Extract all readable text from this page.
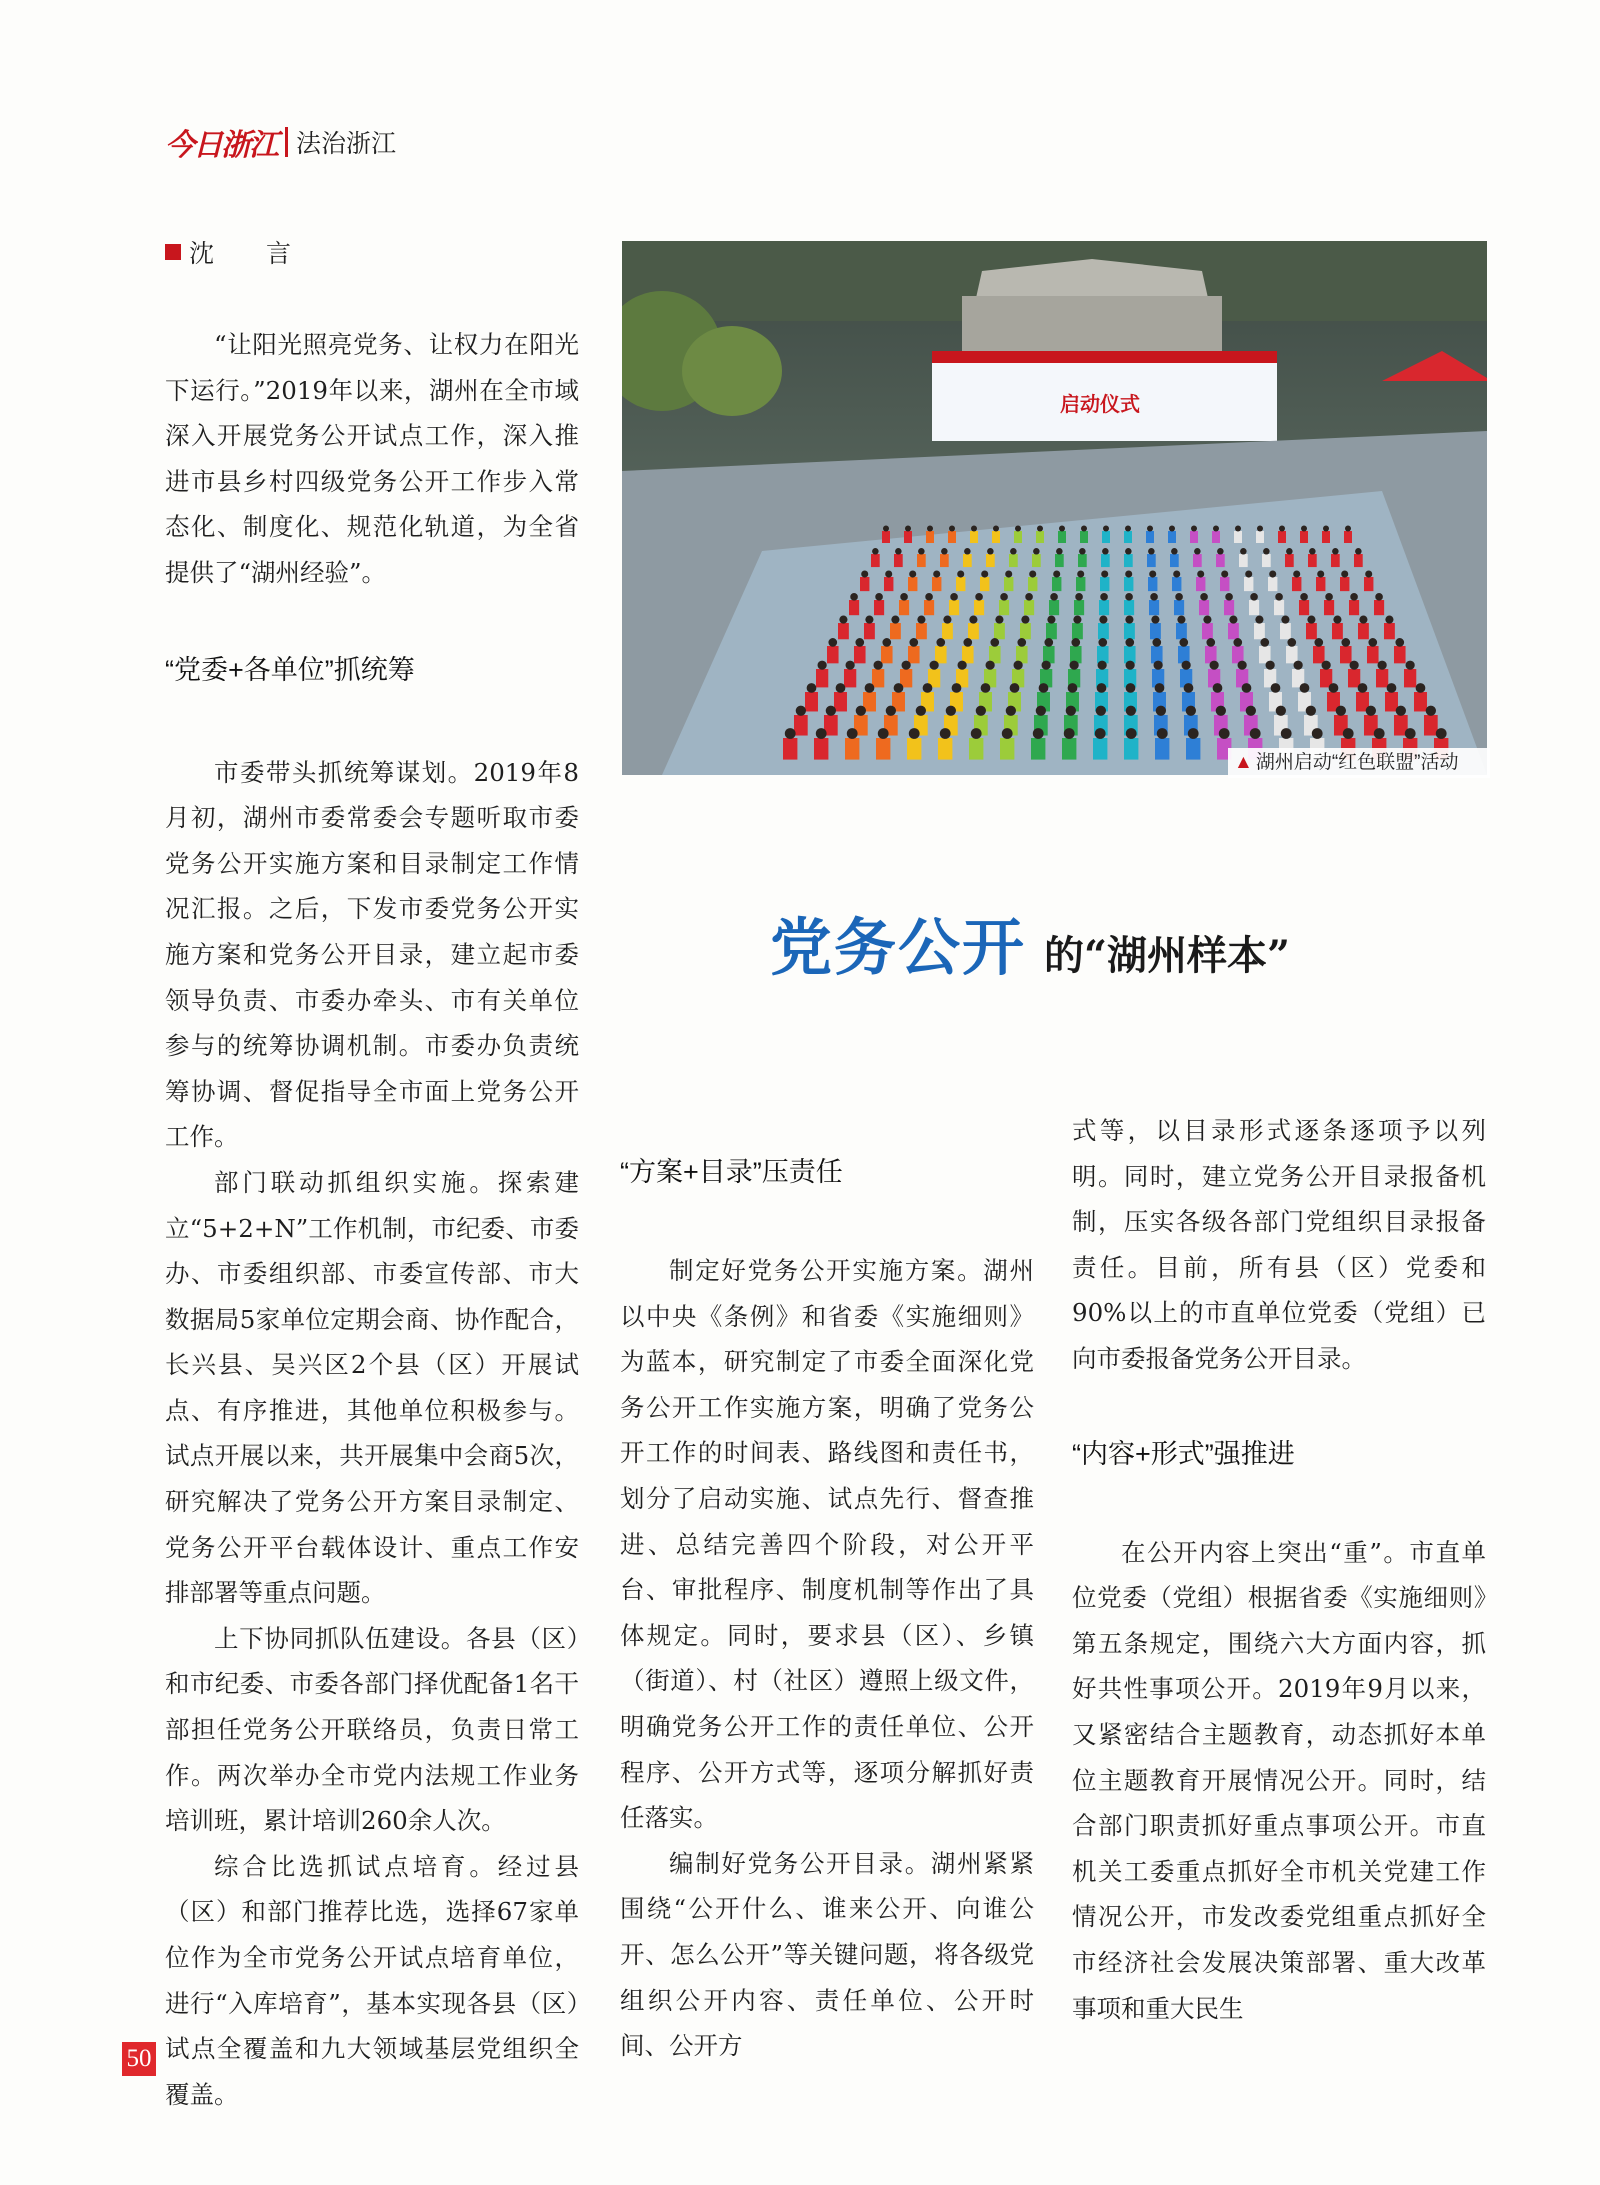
今日浙江 法治浙江
沈 言

“让阳光照亮党务、让权力在阳光下运行。”2019年以来，湖州在全市域深入开展党务公开试点工作，深入推进市县乡村四级党务公开工作步入常态化、制度化、规范化轨道，为全省提供了“湖州经验”。

“党委+各单位”抓统筹

市委带头抓统筹谋划。2019年8月初，湖州市委常委会专题听取市委党务公开实施方案和目录制定工作情况汇报。之后，下发市委党务公开实施方案和党务公开目录，建立起市委领导负责、市委办牵头、市有关单位参与的统筹协调机制。市委办负责统筹协调、督促指导全市面上党务公开工作。

部门联动抓组织实施。探索建立“5+2+N”工作机制，市纪委、市委办、市委组织部、市委宣传部、市大数据局5家单位定期会商、协作配合，长兴县、吴兴区2个县（区）开展试点、有序推进，其他单位积极参与。试点开展以来，共开展集中会商5次，研究解决了党务公开方案目录制定、党务公开平台载体设计、重点工作安排部署等重点问题。

上下协同抓队伍建设。各县（区）和市纪委、市委各部门择优配备1名干部担任党务公开联络员，负责日常工作。两次举办全市党内法规工作业务培训班，累计培训260余人次。

综合比选抓试点培育。经过县（区）和部门推荐比选，选择67家单位作为全市党务公开试点培育单位，进行“入库培育”，基本实现各县（区）试点全覆盖和九大领域基层党组织全覆盖。

启动仪式
▲ 湖州启动“红色联盟”活动
党务公开 的“湖州样本”
“方案+目录”压责任

制定好党务公开实施方案。湖州以中央《条例》和省委《实施细则》为蓝本，研究制定了市委全面深化党务公开工作实施方案，明确了党务公开工作的时间表、路线图和责任书，划分了启动实施、试点先行、督查推进、总结完善四个阶段，对公开平台、审批程序、制度机制等作出了具体规定。同时，要求县（区）、乡镇（街道）、村（社区）遵照上级文件，明确党务公开工作的责任单位、公开程序、公开方式等，逐项分解抓好责任落实。

编制好党务公开目录。湖州紧紧围绕“公开什么、谁来公开、向谁公开、怎么公开”等关键问题，将各级党组织公开内容、责任单位、公开时间、公开方

式等，以目录形式逐条逐项予以列明。同时，建立党务公开目录报备机制，压实各级各部门党组织目录报备责任。目前，所有县（区）党委和90%以上的市直单位党委（党组）已向市委报备党务公开目录。

“内容+形式”强推进

在公开内容上突出“重”。市直单位党委（党组）根据省委《实施细则》第五条规定，围绕六大方面内容，抓好共性事项公开。2019年9月以来，又紧密结合主题教育，动态抓好本单位主题教育开展情况公开。同时，结合部门职责抓好重点事项公开。市直机关工委重点抓好全市机关党建工作情况公开，市发改委党组重点抓好全市经济社会发展决策部署、重大改革事项和重大民生

50
